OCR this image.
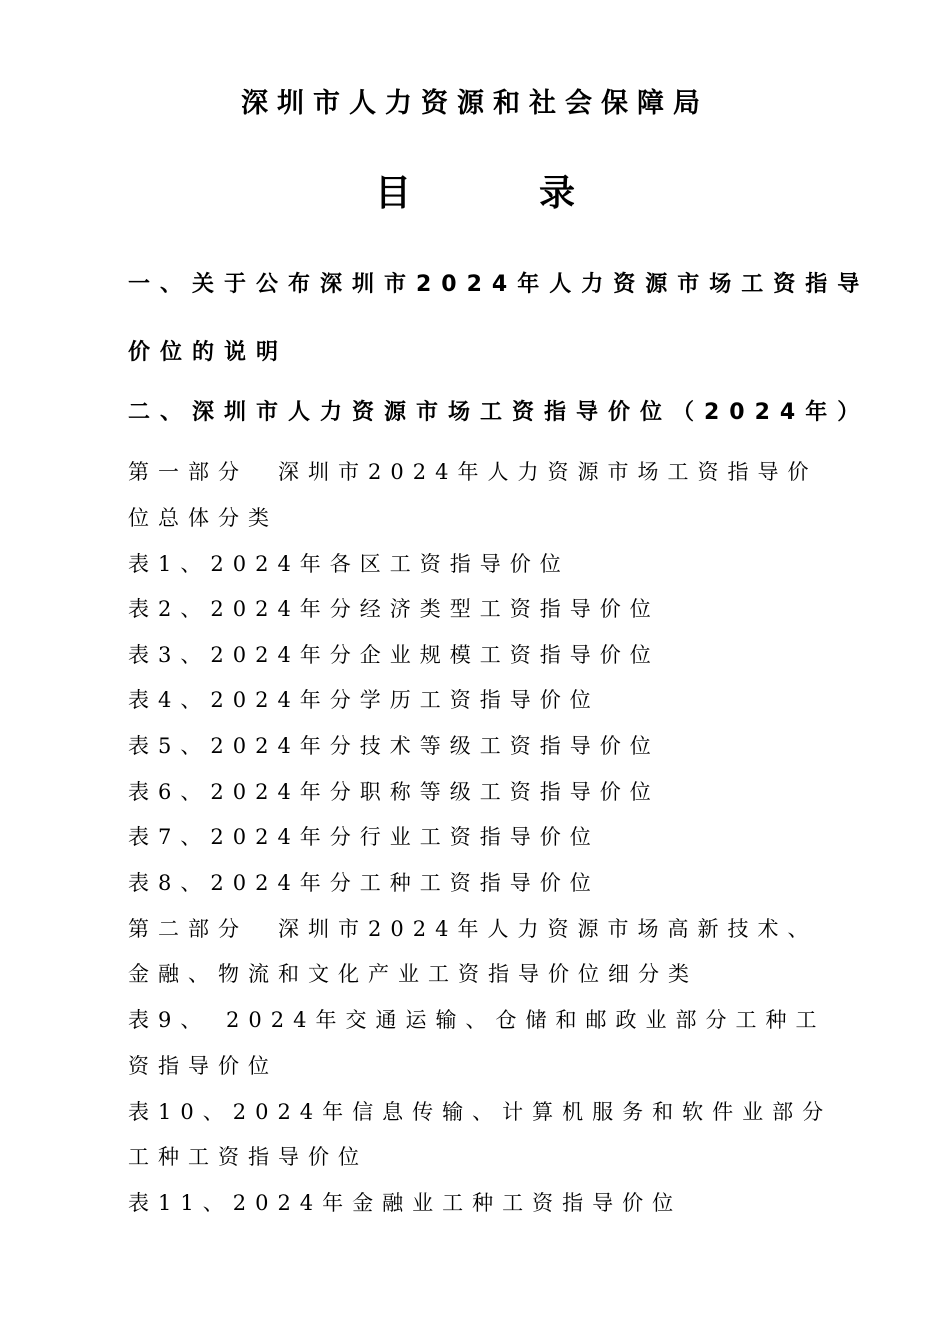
深圳市人力资源和社会保障局
目	录
一、关于公布深圳市2024年人力资源市场工资指导
价位的说明
二、深圳市人力资源市场工资指导价位（2024年）
第一部分　深圳市2024年人力资源市场工资指导价
位总体分类
表1、2024年各区工资指导价位
表2、2024年分经济类型工资指导价位
表3、2024年分企业规模工资指导价位
表4、2024年分学历工资指导价位
表5、2024年分技术等级工资指导价位
表6、2024年分职称等级工资指导价位
表7、2024年分行业工资指导价位
表8、2024年分工种工资指导价位
第二部分　深圳市2024年人力资源市场高新技术、
金融、物流和文化产业工资指导价位细分类
表9、 2024年交通运输、仓储和邮政业部分工种工
资指导价位
表10、2024年信息传输、计算机服务和软件业部分
工种工资指导价位
表11、2024年金融业工种工资指导价位
